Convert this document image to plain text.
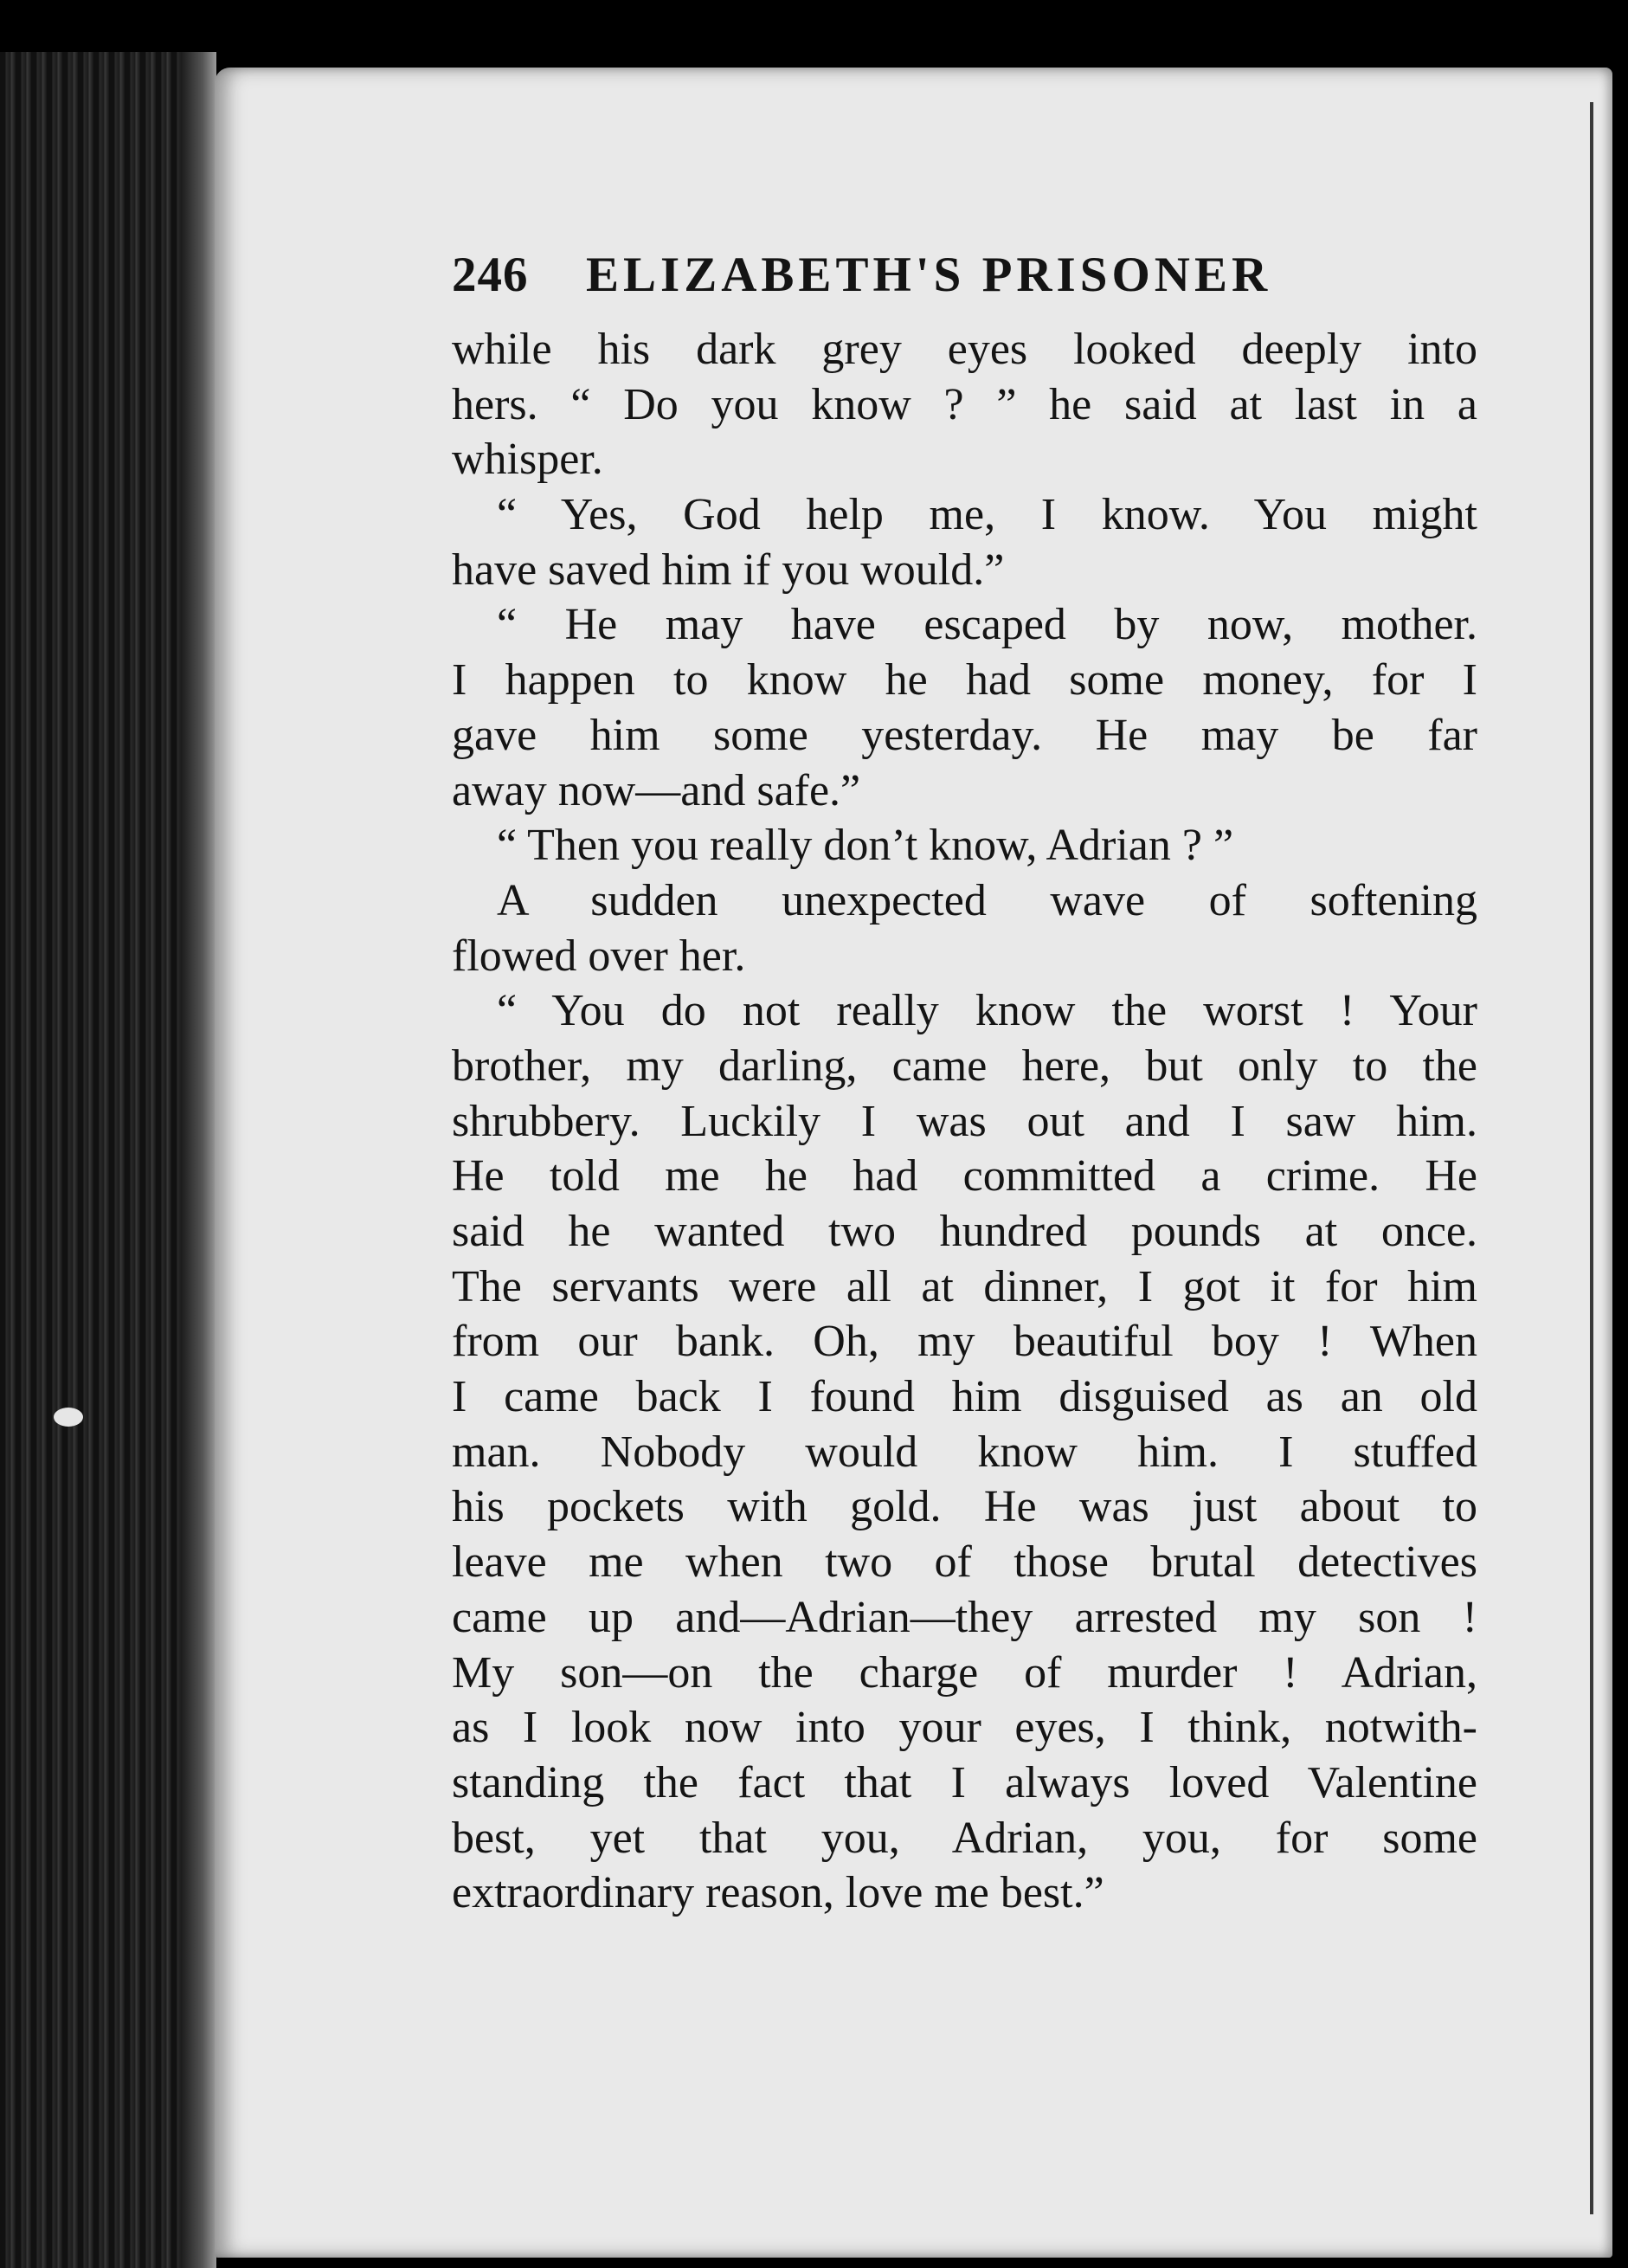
246 ELIZABETH'S PRISONER
while his dark grey eyes looked deeply into
hers. “ Do you know ? ” he said at last in a
whisper.
“ Yes, God help me, I know. You might
have saved him if you would.”
“ He may have escaped by now, mother.
I happen to know he had some money, for I
gave him some yesterday. He may be far
away now—and safe.”
“ Then you really don’t know, Adrian ? ”
A sudden unexpected wave of softening
flowed over her.
“ You do not really know the worst ! Your
brother, my darling, came here, but only to the
shrubbery. Luckily I was out and I saw him.
He told me he had committed a crime. He
said he wanted two hundred pounds at once.
The servants were all at dinner, I got it for him
from our bank. Oh, my beautiful boy ! When
I came back I found him disguised as an old
man. Nobody would know him. I stuffed
his pockets with gold. He was just about to
leave me when two of those brutal detectives
came up and—Adrian—they arrested my son !
My son—on the charge of murder ! Adrian,
as I look now into your eyes, I think, notwith-
standing the fact that I always loved Valentine
best, yet that you, Adrian, you, for some
extraordinary reason, love me best.”
